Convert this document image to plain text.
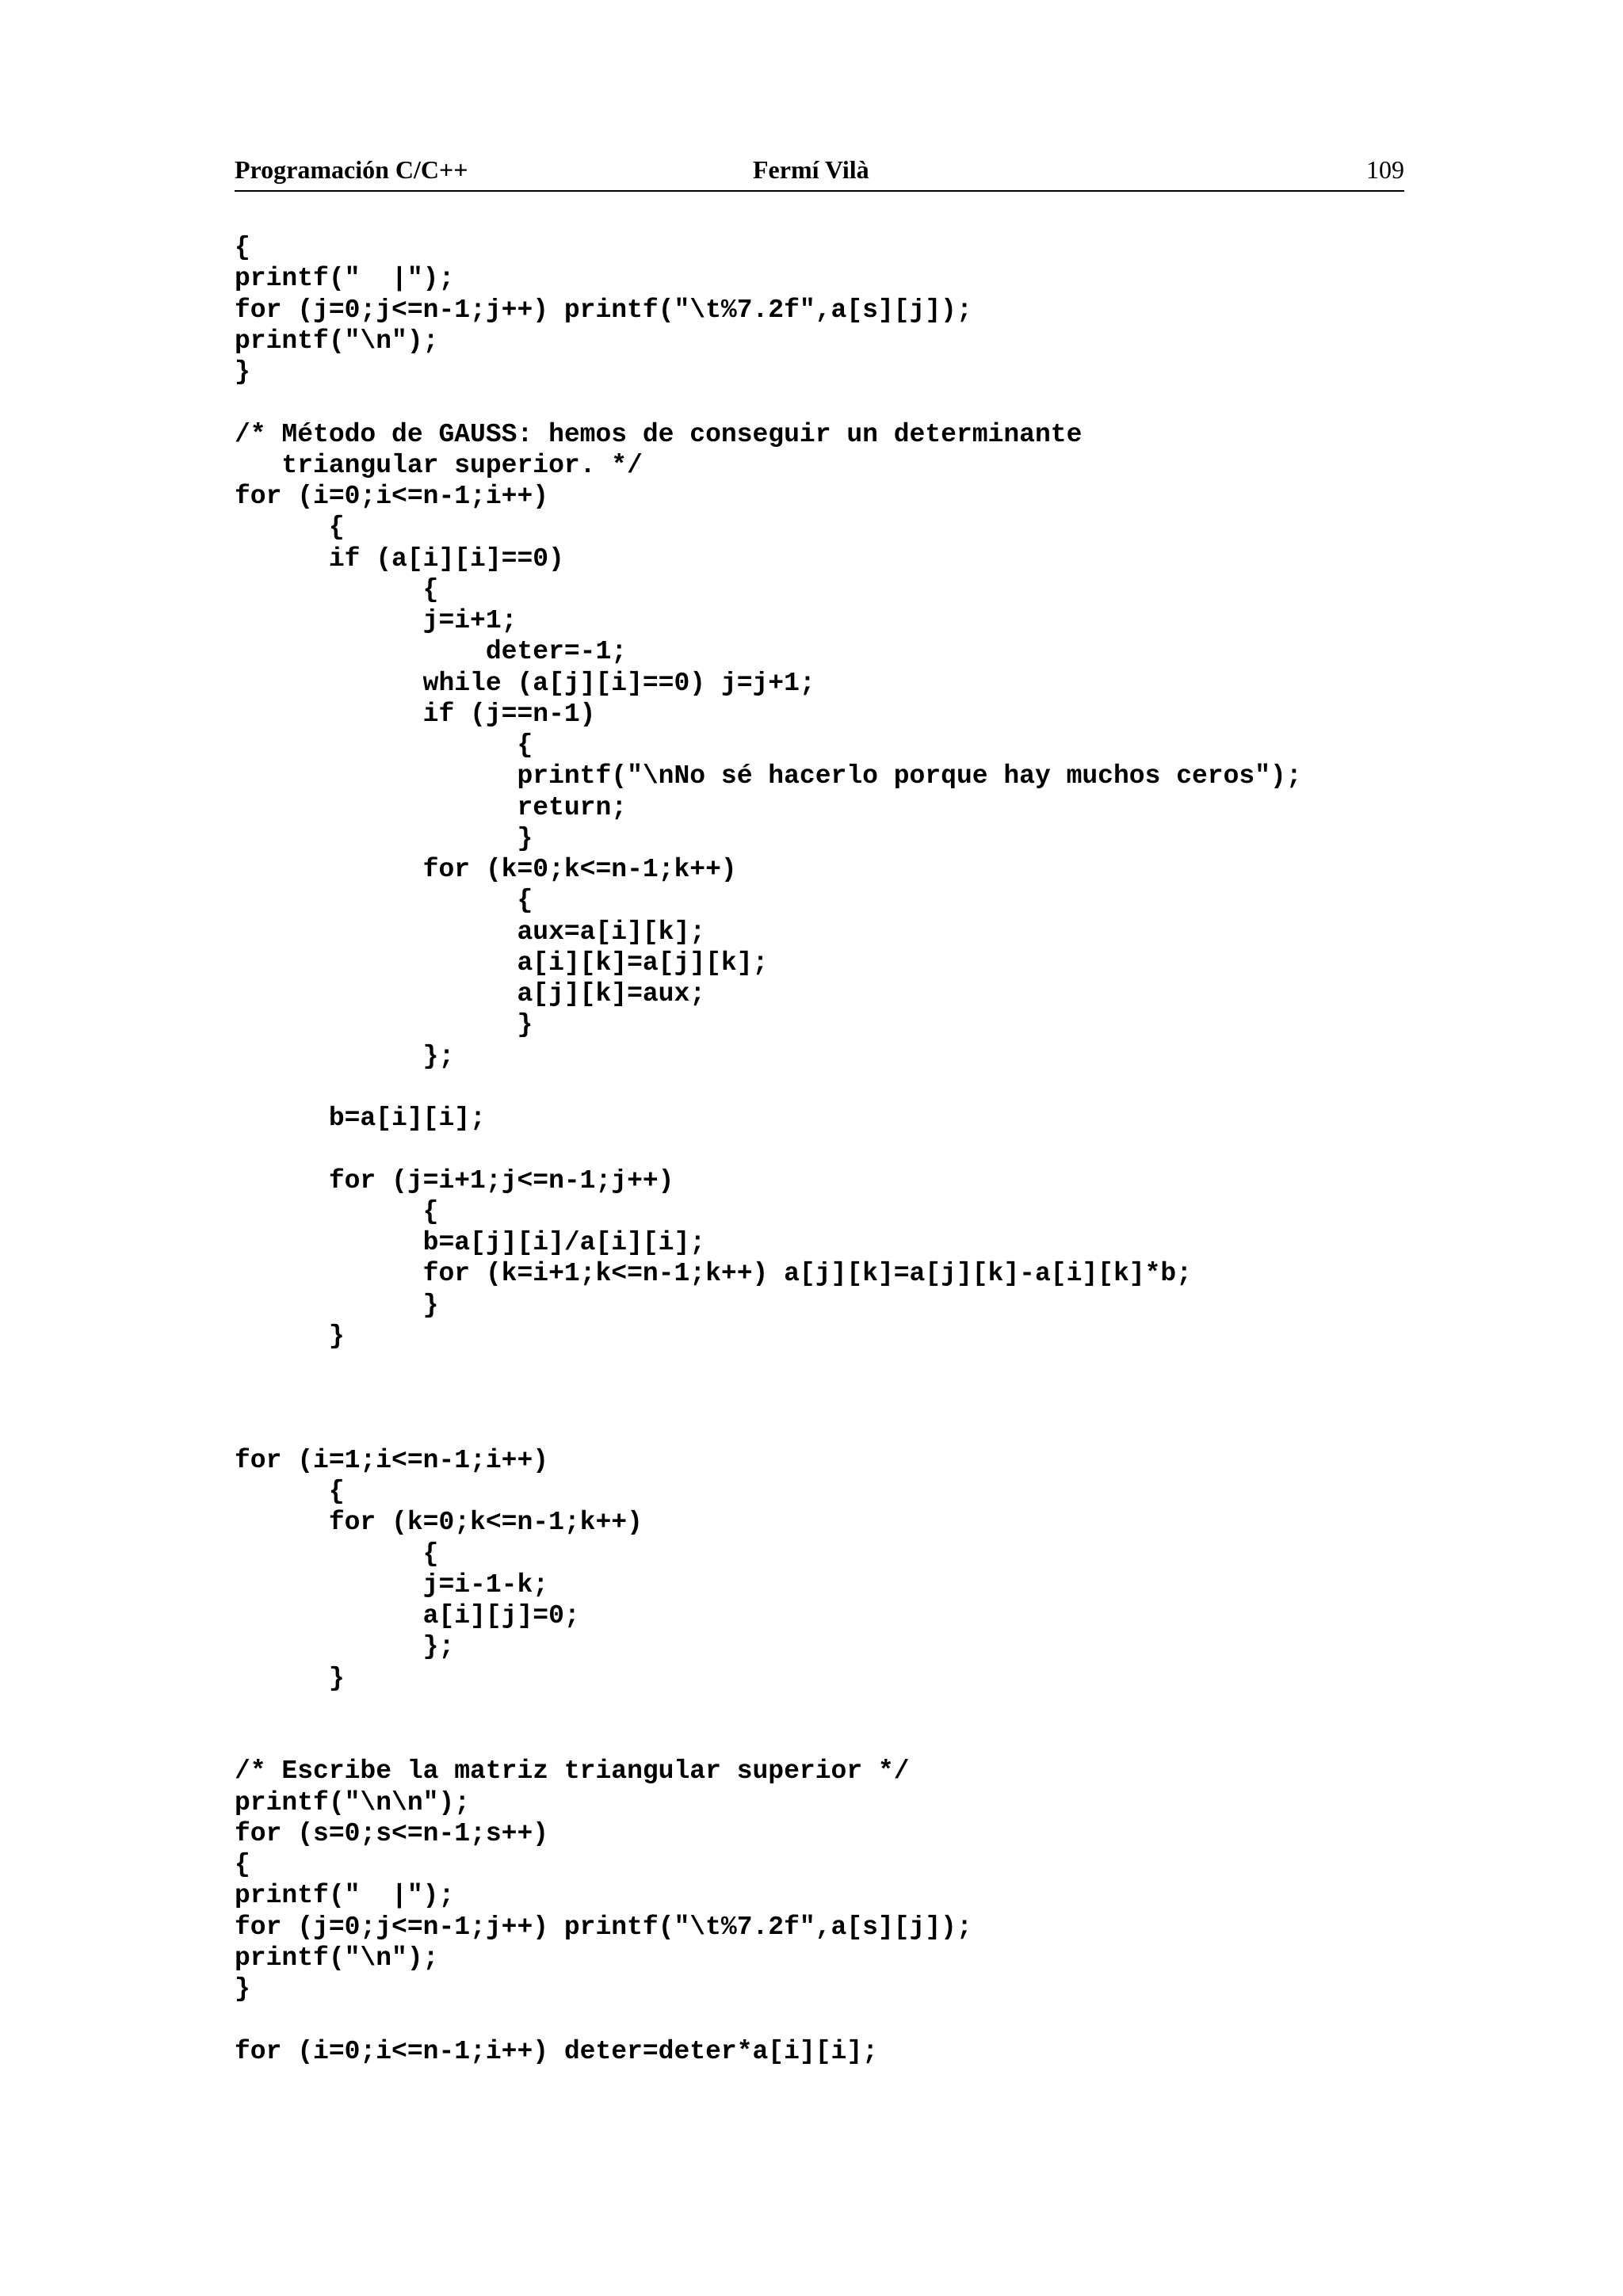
Programación C/C++	Fermí Vilà	109
{
printf("  |");
for (j=0;j<=n-1;j++) printf("\t%7.2f",a[s][j]);
printf("\n");
}
/* Método de GAUSS: hemos de conseguir un determinante
triangular superior. */
for (i=0;i<=n-1;i++)
{
if (a[i][i]==0)
{
j=i+1;
deter=-1;
while (a[j][i]==0) j=j+1;
if (j==n-1)
{
printf("\nNo sé hacerlo porque hay muchos ceros");
return;
}
for (k=0;k<=n-1;k++)
{
aux=a[i][k];
a[i][k]=a[j][k];
a[j][k]=aux;
}
};
b=a[i][i];
for (j=i+1;j<=n-1;j++)
{
b=a[j][i]/a[i][i];
for (k=i+1;k<=n-1;k++) a[j][k]=a[j][k]-a[i][k]*b;
}
}
for (i=1;i<=n-1;i++)
{
for (k=0;k<=n-1;k++)
{
j=i-1-k;
a[i][j]=0;
};
}
/* Escribe la matriz triangular superior */
printf("\n\n");
for (s=0;s<=n-1;s++)
{
printf("  |");
for (j=0;j<=n-1;j++) printf("\t%7.2f",a[s][j]);
printf("\n");
}
for (i=0;i<=n-1;i++) deter=deter*a[i][i];
